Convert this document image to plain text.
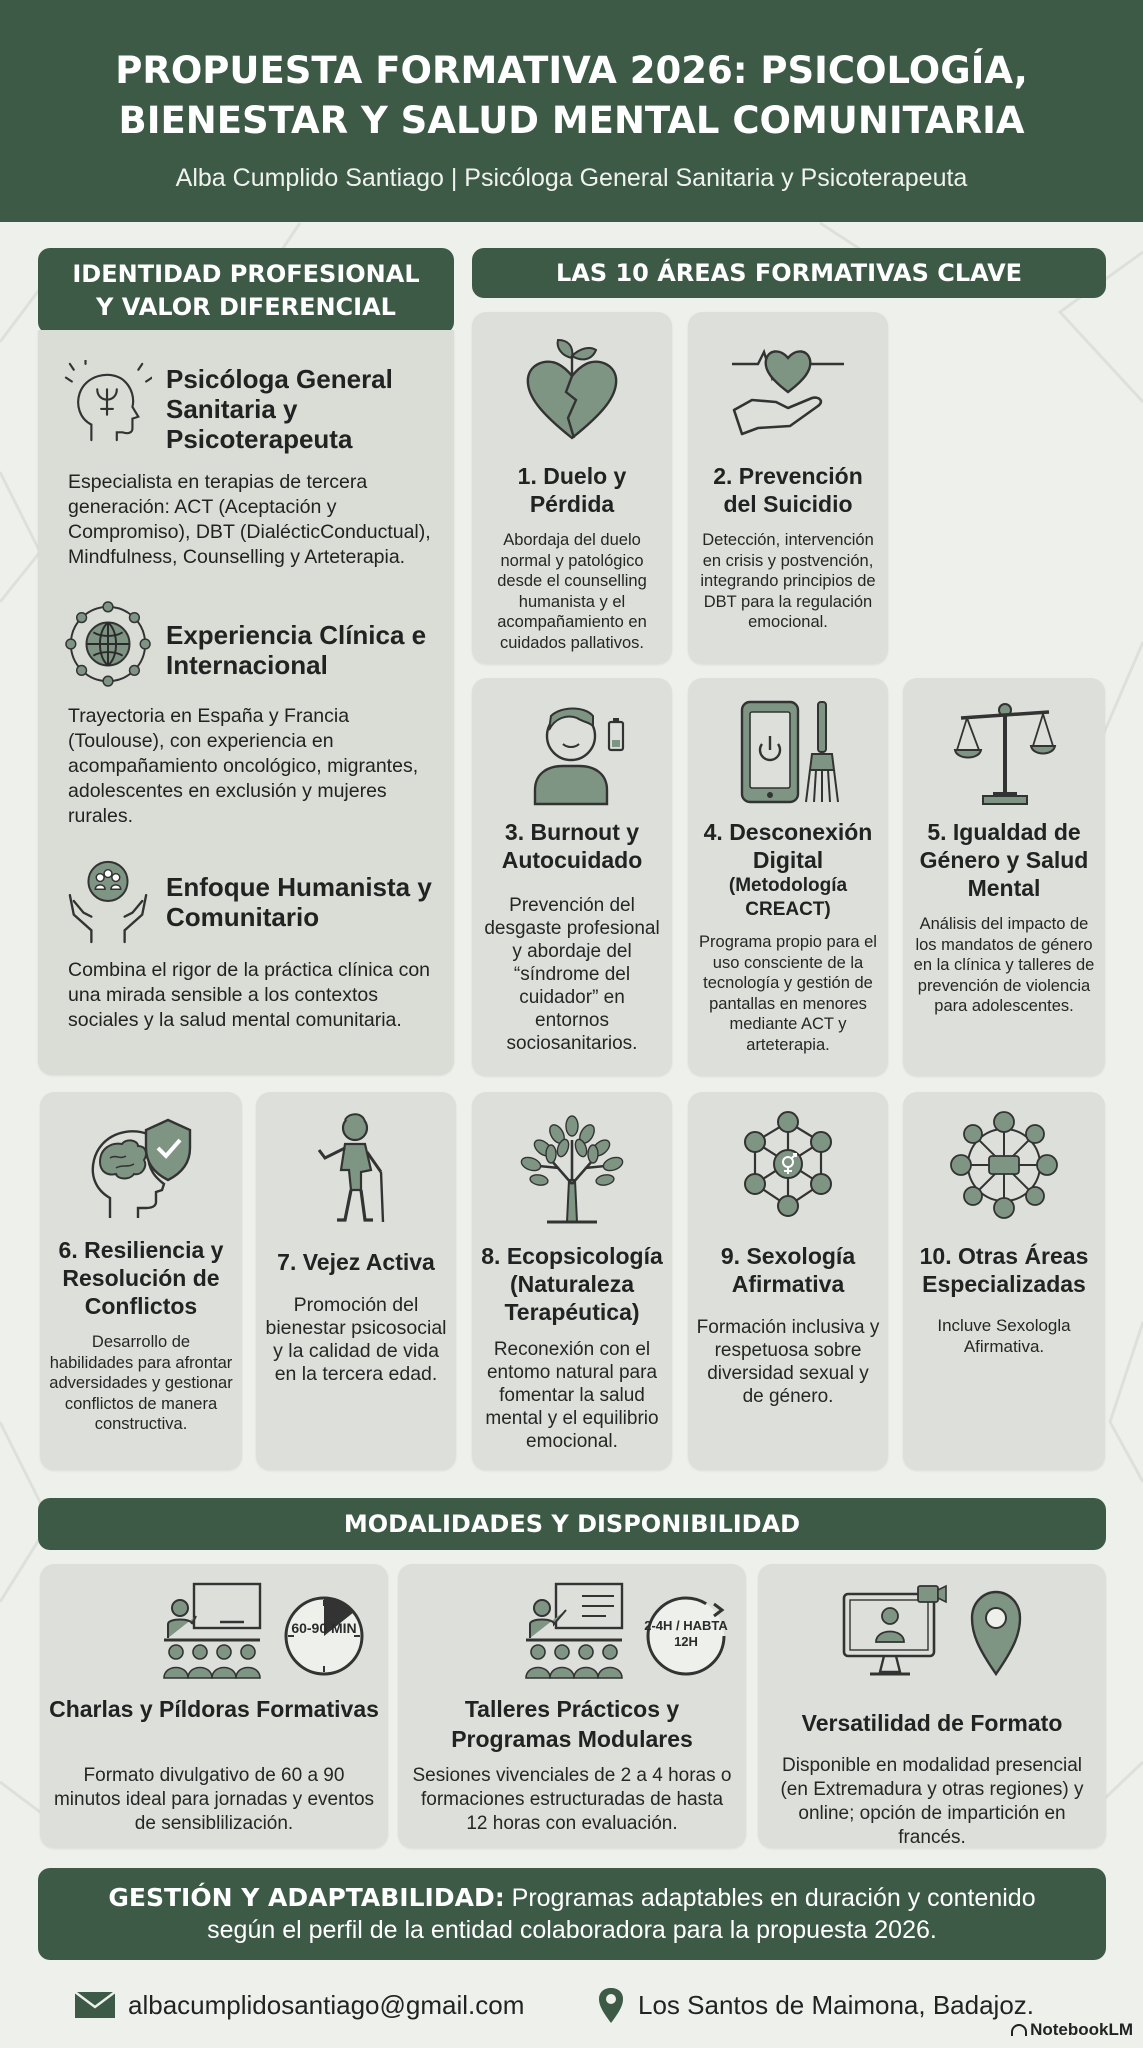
PROPUESTA FORMATIVA 2026: PSICOLOGÍA,
BIENESTAR Y SALUD MENTAL COMUNITARIA
Alba Cumplido Santiago | Psicóloga General Sanitaria y Psicoterapeuta
IDENTIDAD PROFESIONAL
Y VALOR DIFERENCIAL
Psicóloga General Sanitaria y Psicoterapeuta
Especialista en terapias de tercera generación: ACT (Aceptación y Compromiso), DBT (DialécticConductual), Mindfulness, Counselling y Arteterapia.
Experiencia Clínica e Internacional
Trayectoria en España y Francia (Toulouse), con experiencia en acompañamiento oncológico, migrantes, adolescentes en exclusión y mujeres rurales.
Enfoque Humanista y Comunitario
Combina el rigor de la práctica clínica con una mirada sensible a los contextos sociales y la salud mental comunitaria.
LAS 10 ÁREAS FORMATIVAS CLAVE
1. Duelo y Pérdida
Abordaja del duelo normal y patológico desde el counselling humanista y el acompañamiento en cuidados pallativos.
2. Prevención del Suicidio
Detección, intervención en crisis y postvención, integrando principios de DBT para la regulación emocional.
3. Burnout y Autocuidado
Prevención del desgaste profesional y abordaje del “síndrome del cuidador” en entornos sociosanitarios.
4. Desconexión Digital
(Metodología CREACT)
Programa propio para el uso consciente de la tecnología y gestión de pantallas en menores mediante ACT y arteterapia.
5. Igualdad de Género y Salud Mental
Análisis del impacto de los mandatos de género en la clínica y talleres de prevención de violencia para adolescentes.
6. Resiliencia y Resolución de Conflictos
Desarrollo de habilidades para afrontar adversidades y gestionar conflictos de manera constructiva.
7. Vejez Activa
Promoción del bienestar psicosocial y la calidad de vida en la tercera edad.
8. Ecopsicología (Naturaleza Terapéutica)
Reconexión con el entomo natural para fomentar la salud mental y el equilibrio emocional.
9. Sexología Afirmativa
Formación inclusiva y respetuosa sobre diversidad sexual y de género.
10. Otras Áreas Especializadas
Incluve Sexologla Afirmativa.
MODALIDADES Y DISPONIBILIDAD
60-90 MIN
Charlas y Píldoras Formativas
Formato divulgativo de 60 a 90 minutos ideal para jornadas y eventos de sensiblilización.
2-4H / HABTA 12H
Talleres Prácticos y Programas Modulares
Sesiones vivenciales de 2 a 4 horas o formaciones estructuradas de hasta 12 horas con evaluación.
Versatilidad de Formato
Disponible en modalidad presencial (en Extremadura y otras regiones) y online; opción de impartición en francés.
GESTIÓN Y ADAPTABILIDAD: Programas adaptables en duración y contenido
según el perfil de la entidad colaboradora para la propuesta 2026.
albacumplidosantiago@gmail.com	Los Santos de Maimona, Badajoz.
NotebookLM
